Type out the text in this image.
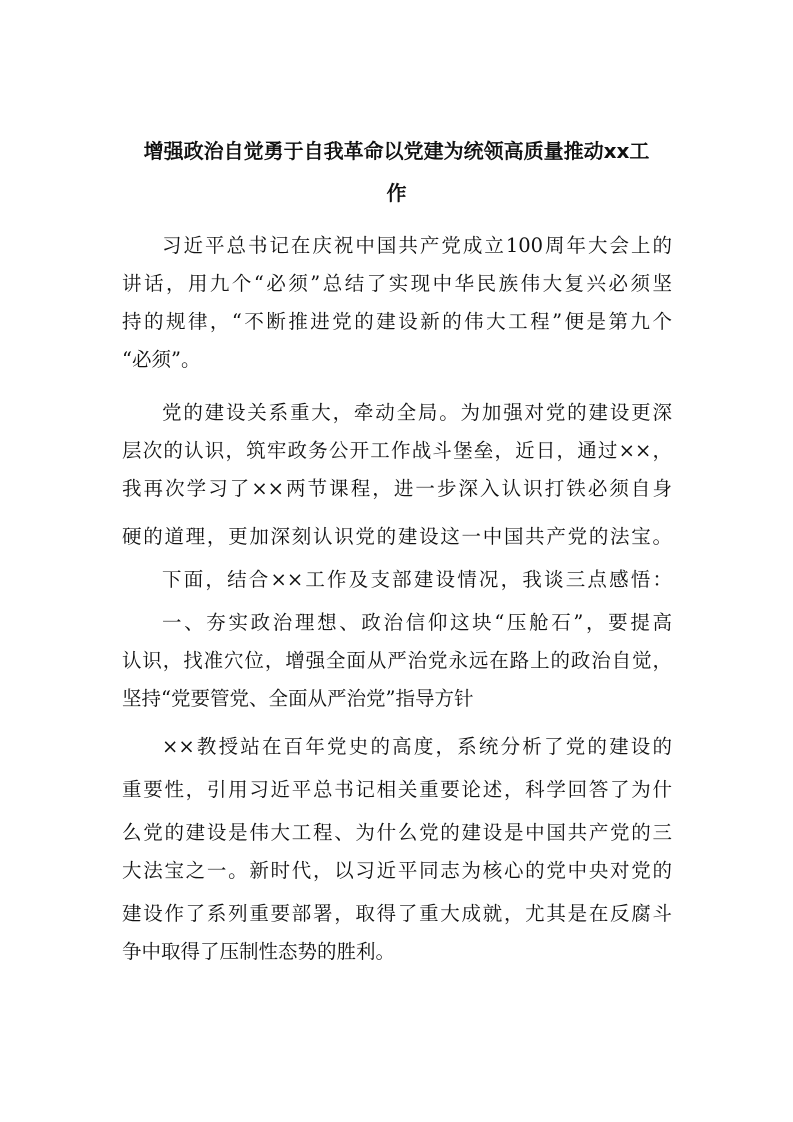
增强政治自觉勇于自我革命以党建为统领高质量推动xx工
作
习近平总书记在庆祝中国共产党成立100周年大会上的
讲话，用九个“必须”总结了实现中华民族伟大复兴必须坚
持的规律，“不断推进党的建设新的伟大工程”便是第九个
“必须”。
党的建设关系重大，牵动全局。为加强对党的建设更深
层次的认识，筑牢政务公开工作战斗堡垒，近日，通过××，
我再次学习了××两节课程，进一步深入认识打铁必须自身
硬的道理，更加深刻认识党的建设这一中国共产党的法宝。
下面，结合××工作及支部建设情况，我谈三点感悟：
一、夯实政治理想、政治信仰这块“压舱石”，要提高
认识，找准穴位，增强全面从严治党永远在路上的政治自觉，
坚持“党要管党、全面从严治党”指导方针
××教授站在百年党史的高度，系统分析了党的建设的
重要性，引用习近平总书记相关重要论述，科学回答了为什
么党的建设是伟大工程、为什么党的建设是中国共产党的三
大法宝之一。新时代，以习近平同志为核心的党中央对党的
建设作了系列重要部署，取得了重大成就，尤其是在反腐斗
争中取得了压制性态势的胜利。
